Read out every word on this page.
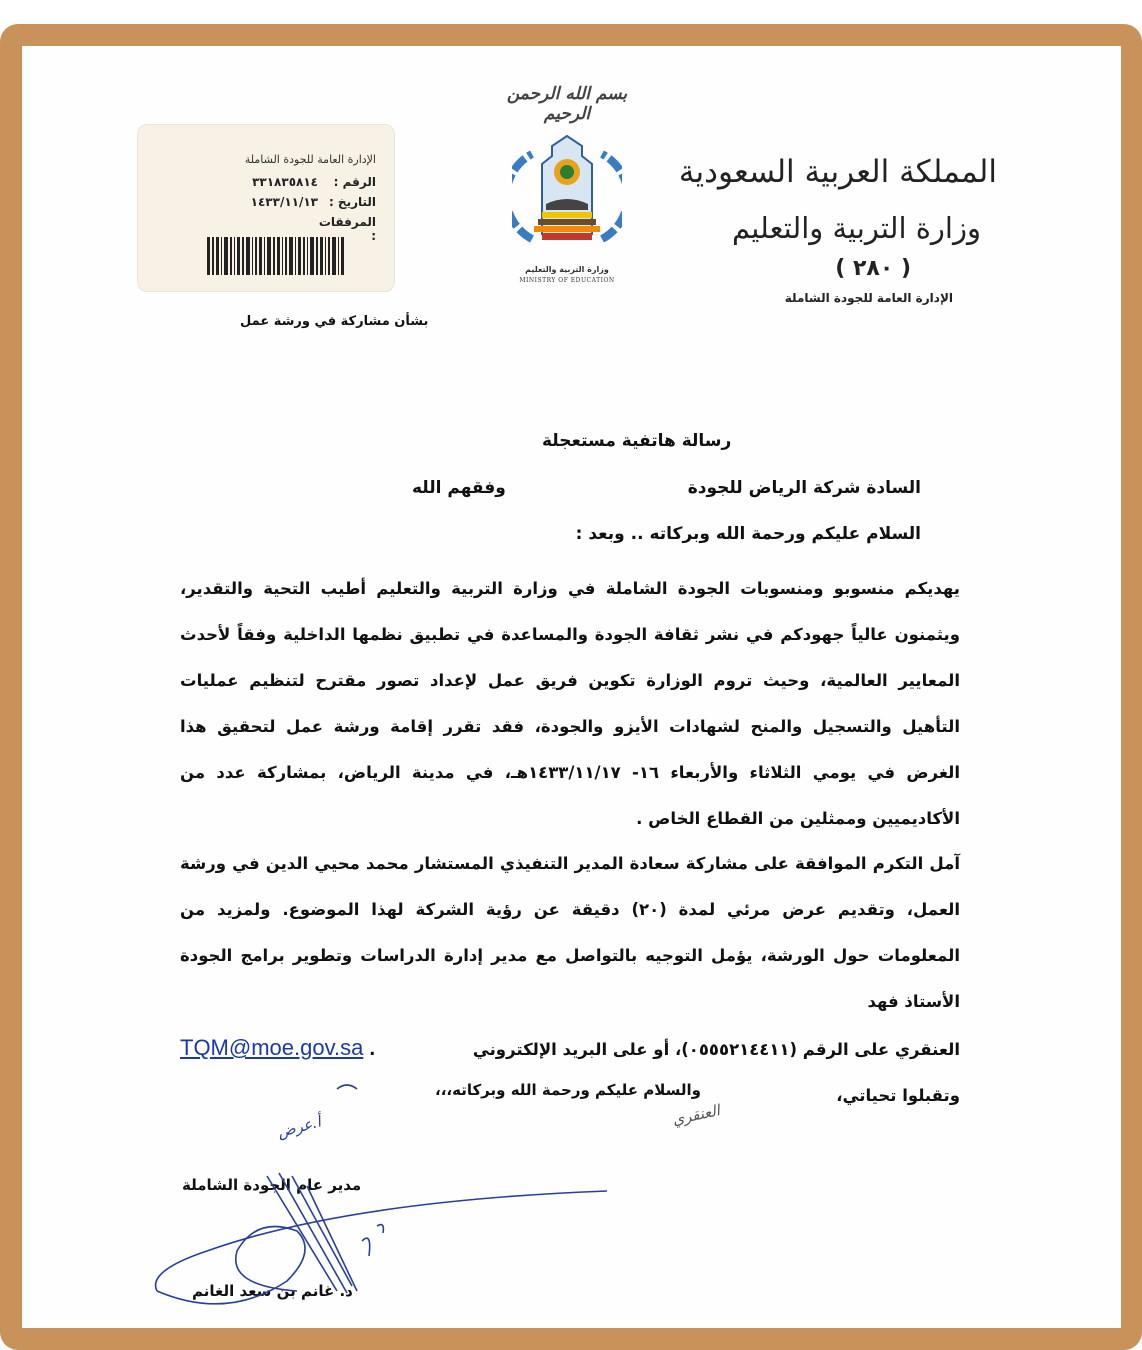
الإدارة العامة للجودة الشاملة
الرقم :
٣٣١٨٣٥٨١٤
التاريخ :
١٤٣٣/١١/١٣
المرفقات :
بسم الله الرحمن الرحيم
وزارة التربية والتعليم
MINISTRY OF EDUCATION
المملكة العربية السعودية
وزارة التربية والتعليم
( ٢٨٠ )
الإدارة العامة للجودة الشاملة
بشأن مشاركة في ورشة عمل
رسالة هاتفية مستعجلة
السادة شركة الرياض للجودة
وفقهم الله
السلام عليكم ورحمة الله وبركاته .. وبعد :
يهديكم منسوبو ومنسوبات الجودة الشاملة في وزارة التربية والتعليم أطيب التحية والتقدير، ويثمنون عالياً جهودكم في نشر ثقافة الجودة والمساعدة في تطبيق نظمها الداخلية وفقاً لأحدث المعايير العالمية، وحيث تروم الوزارة تكوين فريق عمل لإعداد تصور مقترح لتنظيم عمليات التأهيل والتسجيل والمنح لشهادات الأيزو والجودة، فقد تقرر إقامة ورشة عمل لتحقيق هذا الغرض في يومي الثلاثاء والأربعاء ١٦- ١٤٣٣/١١/١٧هـ، في مدينة الرياض، بمشاركة عدد من الأكاديميين وممثلين من القطاع الخاص .
آمل التكرم الموافقة على مشاركة سعادة المدير التنفيذي المستشار محمد محيي الدين في ورشة العمل، وتقديم عرض مرئي لمدة (٢٠) دقيقة عن رؤية الشركة لهذا الموضوع. ولمزيد من المعلومات حول الورشة، يؤمل التوجيه بالتواصل مع مدير إدارة الدراسات وتطوير برامج الجودة الأستاذ فهد
العنقري على الرقم (٠٥٥٥٢١٤٤١١)، أو على البريد الإلكتروني
TQM@moe.gov.sa .
وتقبلوا تحياتي،
والسلام عليكم ورحمة الله وبركاته،،،
العنقري
أ.عرض
مدير عام الجودة الشاملة
د. غانم بن سعد الغانم
